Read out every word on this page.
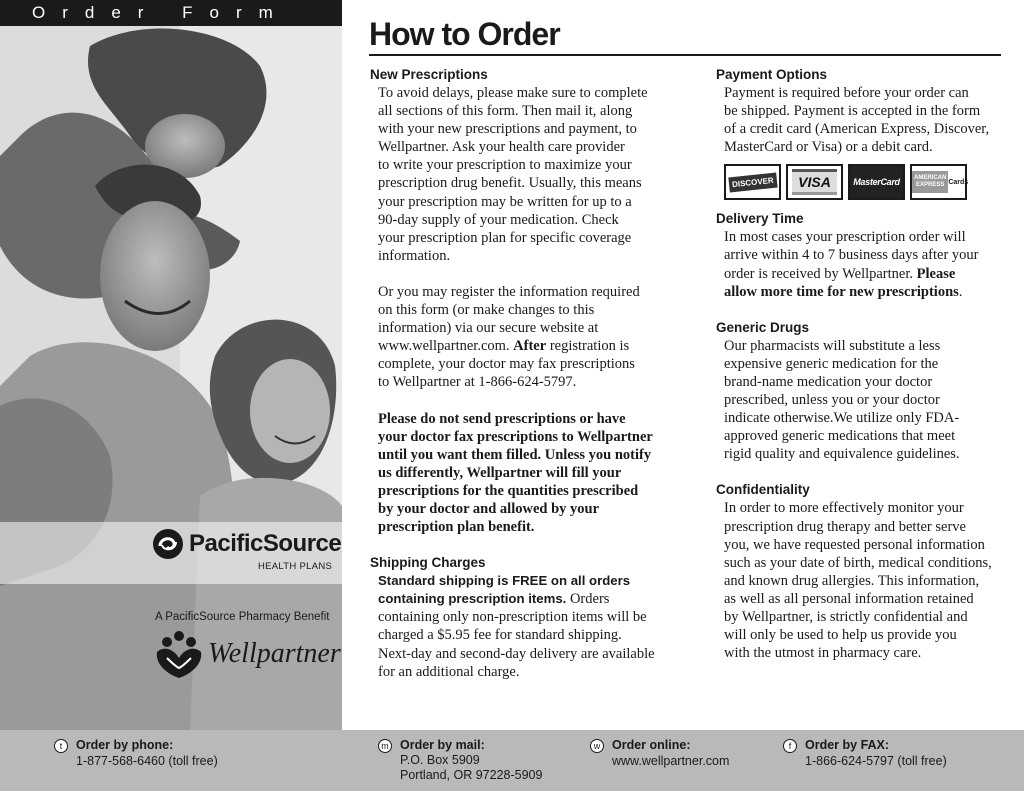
Order Form
PacificSource
HEALTH PLANS
A PacificSource Pharmacy Benefit
Wellpartner
How to Order

New Prescriptions

To avoid delays, please make sure to complete
all sections of this form. Then mail it, along
with your new prescriptions and payment, to
Wellpartner. Ask your health care provider
to write your prescription to maximize your
prescription drug benefit. Usually, this means
your prescription may be written for up to a
90-day supply of your medication. Check
your prescription plan for specific coverage
information.

Or you may register the information required
on this form (or make changes to this
information) via our secure website at
www.wellpartner.com. After registration is
complete, your doctor may fax prescriptions
to Wellpartner at 1-866-624-5797.

Please do not send prescriptions or have
your doctor fax prescriptions to Wellpartner
until you want them filled. Unless you notify
us differently, Wellpartner will fill your
prescriptions for the quantities prescribed
by your doctor and allowed by your
prescription plan benefit.

Shipping Charges

Standard shipping is FREE on all orders
containing prescription items. Orders
containing only non-prescription items will be
charged a $5.95 fee for standard shipping.
Next-day and second-day delivery are available
for an additional charge.

Payment Options

Payment is required before your order can
be shipped. Payment is accepted in the form
of a credit card (American Express, Discover,
MasterCard or Visa) or a debit card.

DISCOVER	VISA	MasterCard	AMERICAN EXPRESS Cards

Delivery Time

In most cases your prescription order will
arrive within 4 to 7 business days after your
order is received by Wellpartner. Please
allow more time for new prescriptions.

Generic Drugs

Our pharmacists will substitute a less
expensive generic medication for the
brand-name medication your doctor
prescribed, unless you or your doctor
indicate otherwise.We utilize only FDA-
approved generic medications that meet
rigid quality and equivalence guidelines.

Confidentiality

In order to more effectively monitor your
prescription drug therapy and better serve
you, we have requested personal information
such as your date of birth, medical conditions,
and known drug allergies. This information,
as well as all personal information retained
by Wellpartner, is strictly confidential and
will only be used to help us provide you
with the utmost in pharmacy care.

t	Order by phone:
1-877-568-6460 (toll free)
m Order by mail:
P.O. Box 5909
Portland, OR 97228-5909
w Order online:
www.wellpartner.com
f	Order by FAX:
1-866-624-5797 (toll free)
